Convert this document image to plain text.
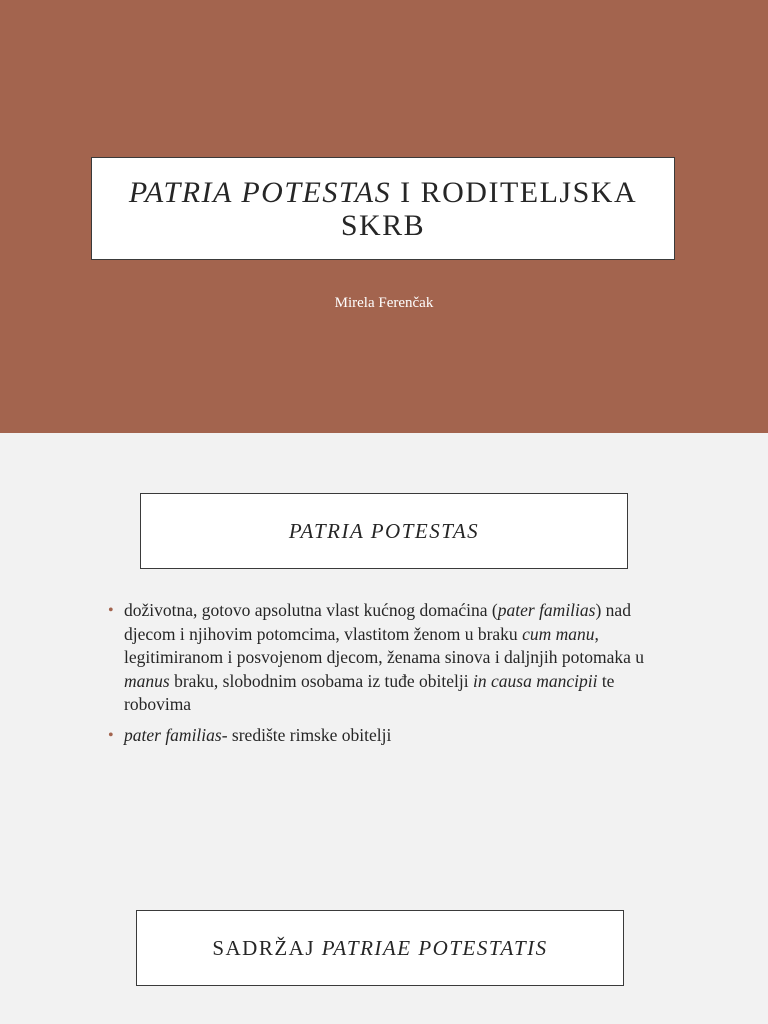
PATRIA POTESTAS I RODITELJSKA
SKRB
Mirela Ferenčak
PATRIA POTESTAS
• doživotna, gotovo apsolutna vlast kućnog domaćina (pater familias) nad djecom i njihovim potomcima, vlastitom ženom u braku cum manu, legitimiranom i posvojenom djecom, ženama sinova i daljnjih potomaka u manus braku, slobodnim osobama iz tuđe obitelji in causa mancipii te robovima
• pater familias- središte rimske obitelji
SADRŽAJ PATRIAE POTESTATIS
